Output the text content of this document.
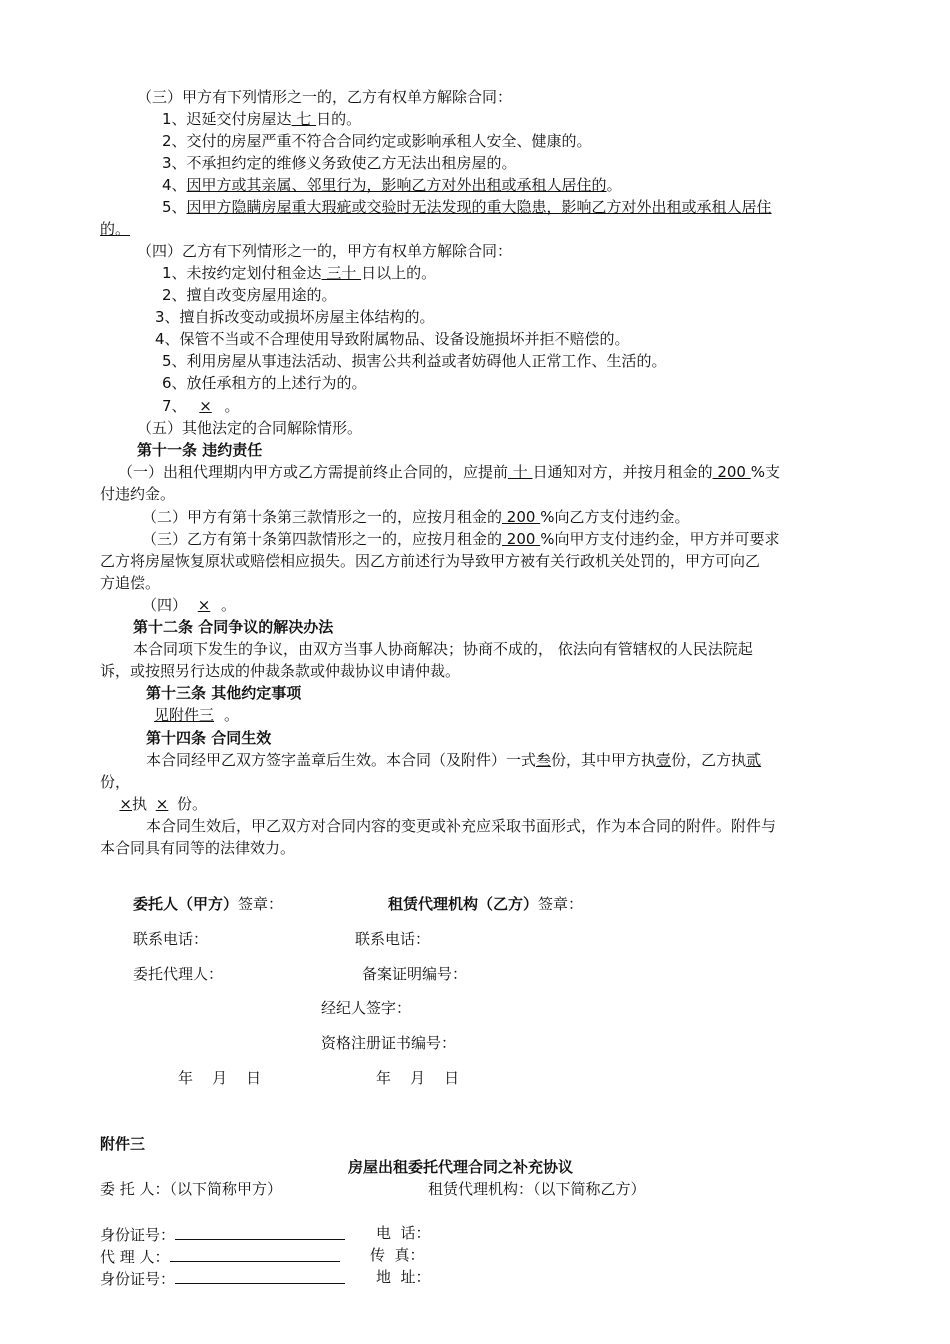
（三）甲方有下列情形之一的，乙方有权单方解除合同：
1、迟延交付房屋达 七 日的。
2、交付的房屋严重不符合合同约定或影响承租人安全、健康的。
3、不承担约定的维修义务致使乙方无法出租房屋的。
4、因甲方或其亲属、邻里行为，影响乙方对外出租或承租人居住的。
5、因甲方隐瞒房屋重大瑕疵或交验时无法发现的重大隐患，影响乙方对外出租或承租人居住
的。
（四）乙方有下列情形之一的，甲方有权单方解除合同：
1、未按约定划付租金达 三十 日以上的。
2、擅自改变房屋用途的。
3、擅自拆改变动或损坏房屋主体结构的。
4、保管不当或不合理使用导致附属物品、设备设施损坏并拒不赔偿的。
5、利用房屋从事违法活动、损害公共利益或者妨碍他人正常工作、生活的。
6、放任承租方的上述行为的。
7、 × 。
（五）其他法定的合同解除情形。
第十一条 违约责任
（一）出租代理期内甲方或乙方需提前终止合同的，应提前 十 日通知对方，并按月租金的 200 %支
付违约金。
（二）甲方有第十条第三款情形之一的，应按月租金的 200 %向乙方支付违约金。
（三）乙方有第十条第四款情形之一的，应按月租金的 200 %向甲方支付违约金，甲方并可要求
乙方将房屋恢复原状或赔偿相应损失。因乙方前述行为导致甲方被有关行政机关处罚的，甲方可向乙
方追偿。
（四） × 。
第十二条 合同争议的解决办法
本合同项下发生的争议，由双方当事人协商解决；协商不成的， 依法向有管辖权的人民法院起
诉，或按照另行达成的仲裁条款或仲裁协议申请仲裁。
第十三条 其他约定事项
见附件三 。
第十四条 合同生效
本合同经甲乙双方签字盖章后生效。本合同（及附件）一式叁份，其中甲方执壹份，乙方执贰
份，
×执 × 份。
本合同生效后，甲乙双方对合同内容的变更或补充应采取书面形式，作为本合同的附件。附件与
本合同具有同等的法律效力。
委托人（甲方）签章：	租赁代理机构（乙方）签章：
联系电话：	联系电话：
委托代理人：	备案证明编号：
经纪人签字：
资格注册证书编号：
年    月    日	年    月    日
附件三
房屋出租委托代理合同之补充协议
委 托 人：（以下简称甲方）	租赁代理机构：（以下简称乙方）
身份证号：	电  话：
代 理 人：	传  真：
身份证号：	地  址：
